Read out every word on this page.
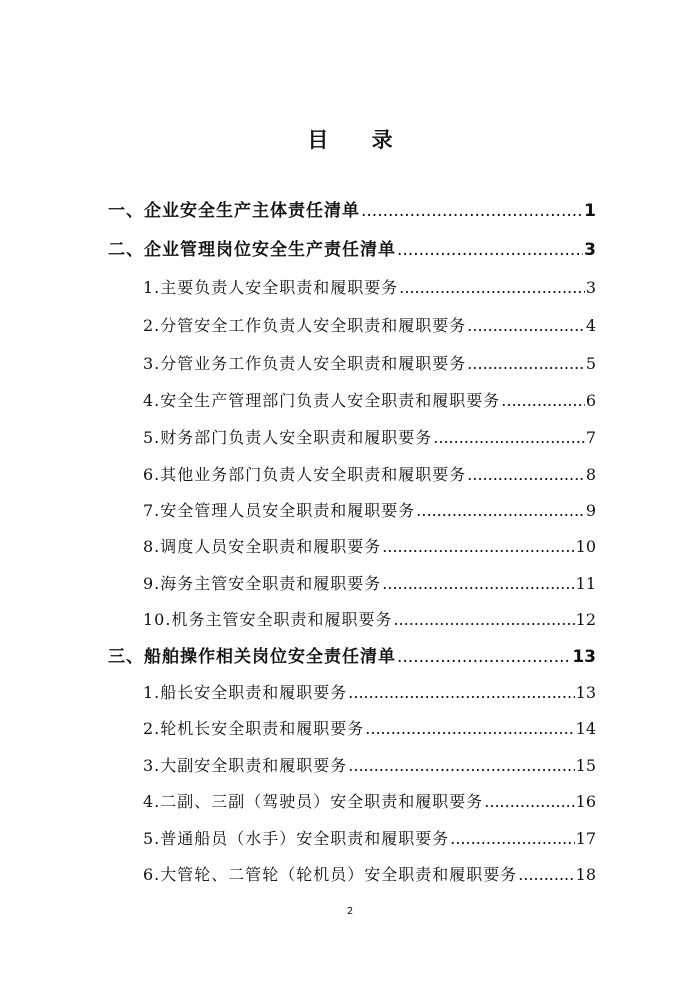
目 录
一、企业安全生产主体责任清单 .....	1
二、企业管理岗位安全生产责任清单 .....	3
1.主要负责人安全职责和履职要务 .....	3
2.分管安全工作负责人安全职责和履职要务 .....	4
3.分管业务工作负责人安全职责和履职要务 .....	5
4.安全生产管理部门负责人安全职责和履职要务 .....	6
5.财务部门负责人安全职责和履职要务 .....	7
6.其他业务部门负责人安全职责和履职要务 .....	8
7.安全管理人员安全职责和履职要务 .....	9
8.调度人员安全职责和履职要务 .....	10
9.海务主管安全职责和履职要务 .....	11
10.机务主管安全职责和履职要务 .....	12
三、船舶操作相关岗位安全责任清单 .....	13
1.船长安全职责和履职要务 .....	13
2.轮机长安全职责和履职要务 .....	14
3.大副安全职责和履职要务 .....	15
4.二副、三副（驾驶员）安全职责和履职要务 .....	16
5.普通船员（水手）安全职责和履职要务 .....	17
6.大管轮、二管轮（轮机员）安全职责和履职要务 .....	18
2
